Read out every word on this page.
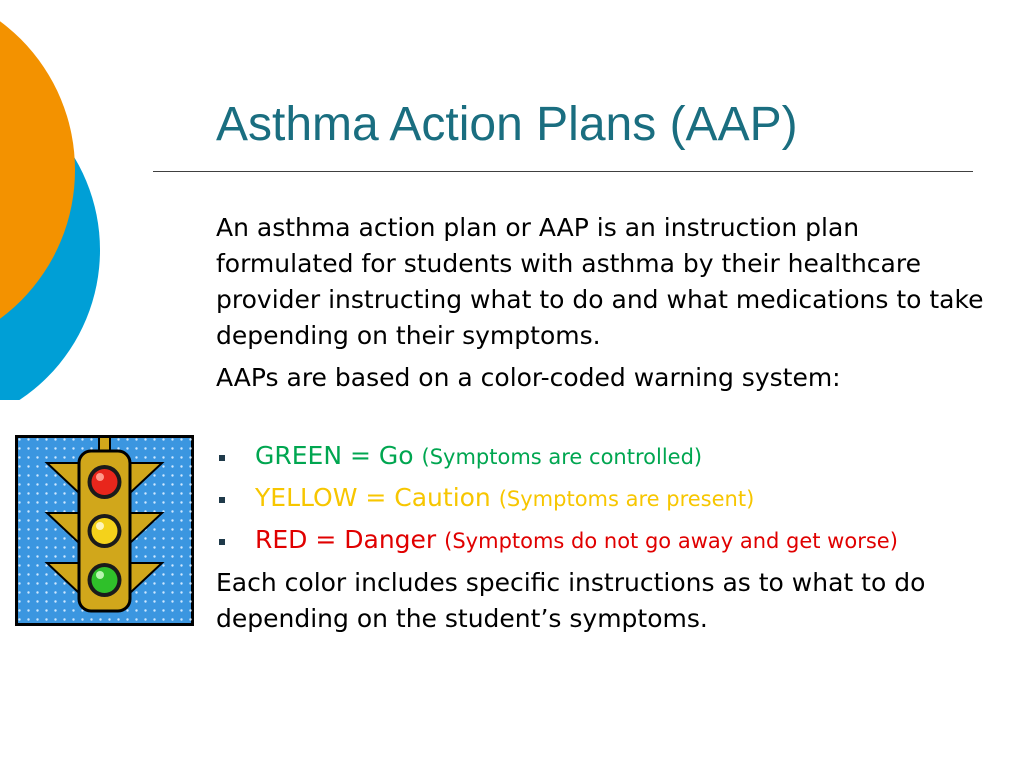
Asthma Action Plans (AAP)

An asthma action plan or AAP is an instruction plan formulated for students with asthma by their healthcare provider instructing what to do and what medications to take depending on their symptoms.

AAPs are based on a color-coded warning system:

GREEN = Go (Symptoms are controlled)
YELLOW = Caution (Symptoms are present)
RED = Danger (Symptoms do not go away and get worse)

Each color includes specific instructions as to what to do depending on the student’s symptoms.
